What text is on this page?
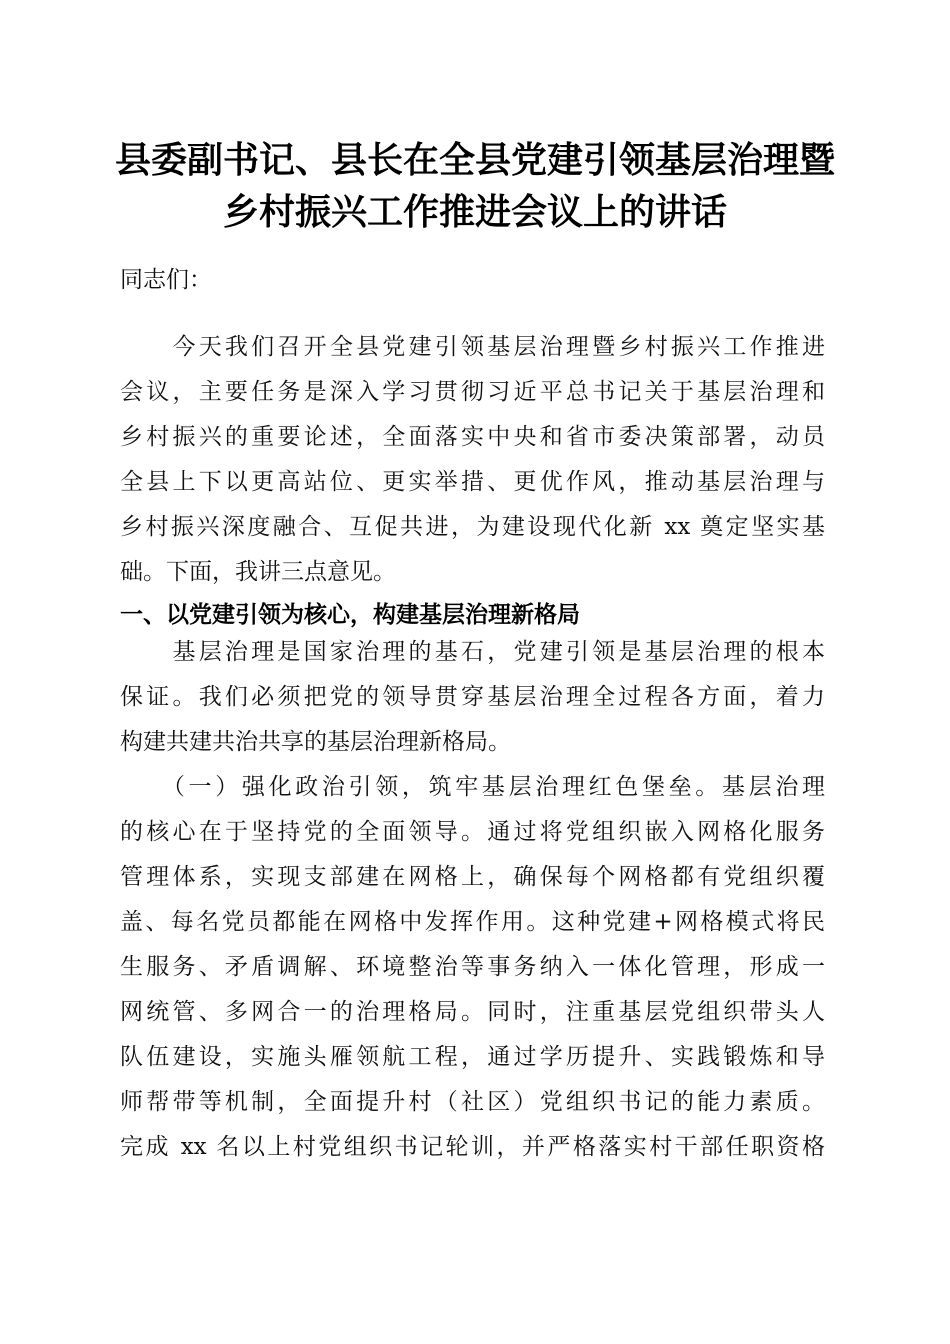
县委副书记、县长在全县党建引领基层治理暨
乡村振兴工作推进会议上的讲话
同志们：
　　今天我们召开全县党建引领基层治理暨乡村振兴工作推进
会议，主要任务是深入学习贯彻习近平总书记关于基层治理和
乡村振兴的重要论述，全面落实中央和省市委决策部署，动员
全县上下以更高站位、更实举措、更优作风，推动基层治理与
乡村振兴深度融合、互促共进，为建设现代化新 xx 奠定坚实基
础。下面，我讲三点意见。
一、以党建引领为核心，构建基层治理新格局
　　基层治理是国家治理的基石，党建引领是基层治理的根本
保证。我们必须把党的领导贯穿基层治理全过程各方面，着力
构建共建共治共享的基层治理新格局。
　　（一）强化政治引领，筑牢基层治理红色堡垒。基层治理
的核心在于坚持党的全面领导。通过将党组织嵌入网格化服务
管理体系，实现支部建在网格上，确保每个网格都有党组织覆
盖、每名党员都能在网格中发挥作用。这种党建+网格模式将民
生服务、矛盾调解、环境整治等事务纳入一体化管理，形成一
网统管、多网合一的治理格局。同时，注重基层党组织带头人
队伍建设，实施头雁领航工程，通过学历提升、实践锻炼和导
师帮带等机制，全面提升村（社区）党组织书记的能力素质。
完成 xx 名以上村党组织书记轮训，并严格落实村干部任职资格
